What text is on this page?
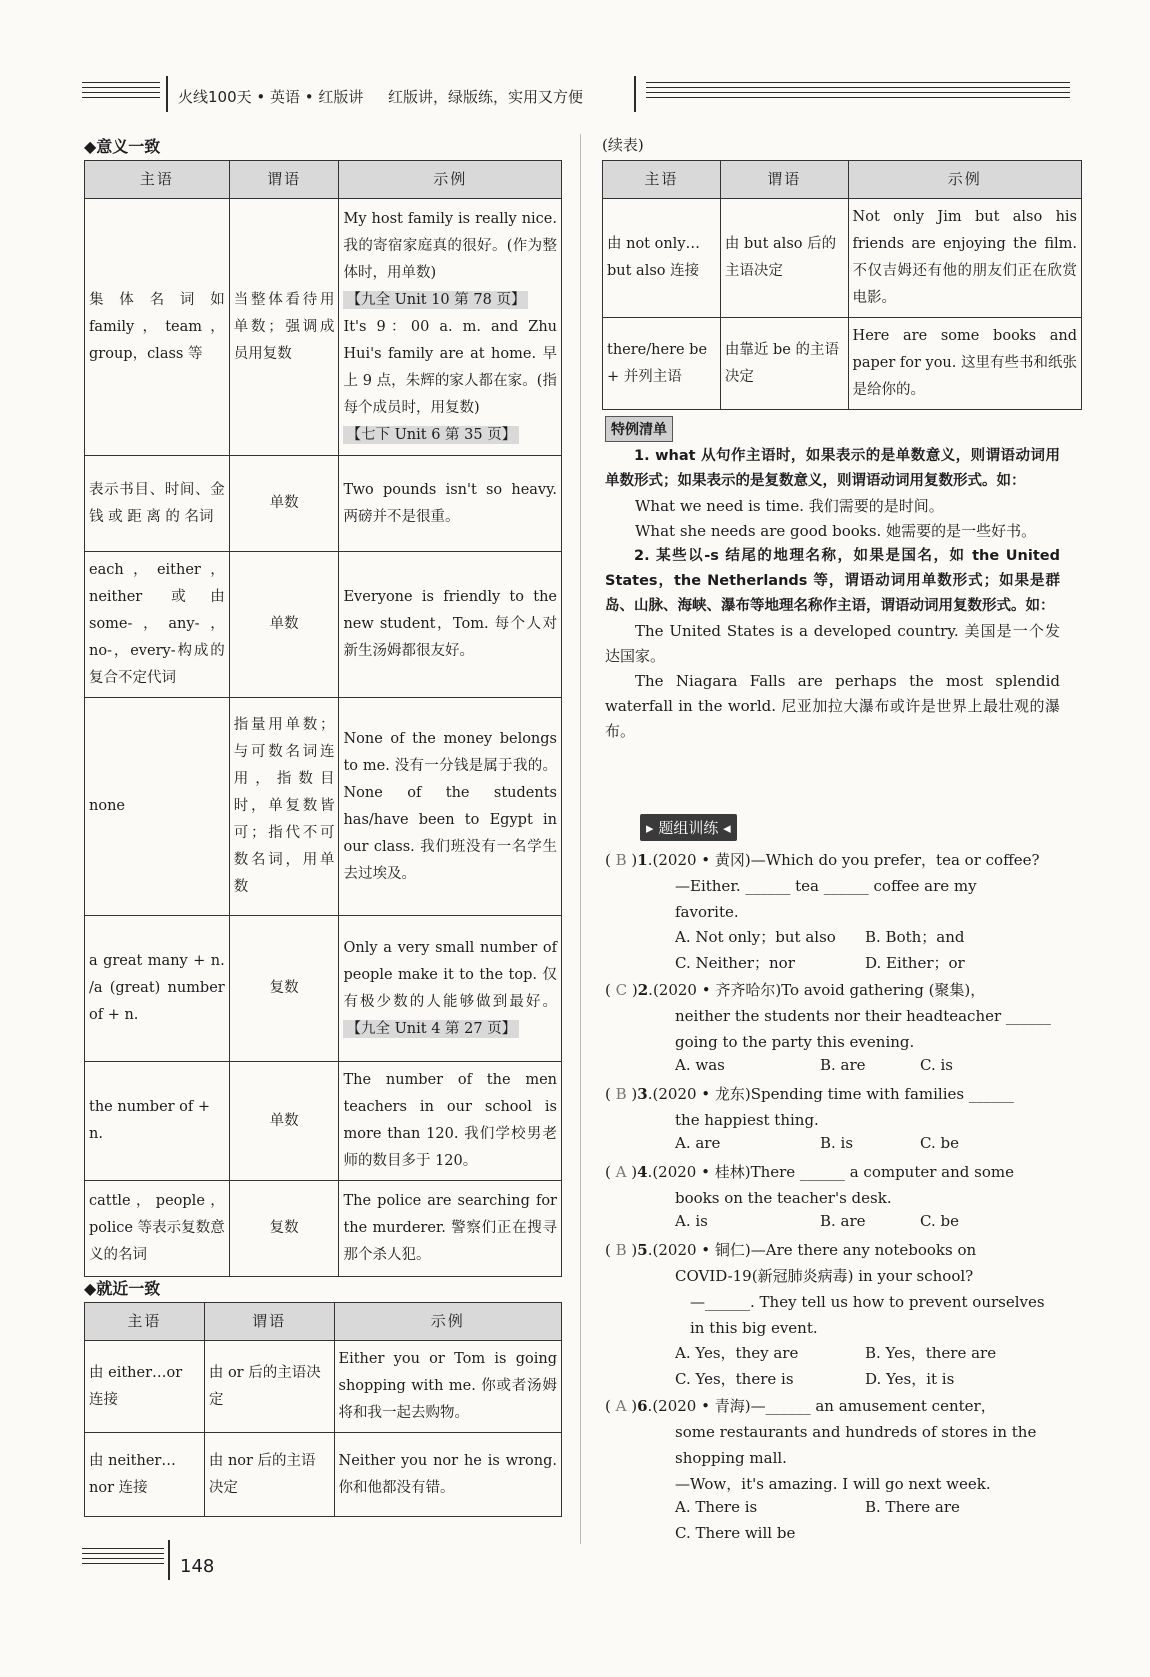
火线100天 • 英语 • 红版讲 红版讲，绿版练，实用又方便
◆意义一致
主语	谓语	示例
集 体 名 词 如 family，team，group，class 等	当整体看待用单数；强调成员用复数	My host family is really nice. 我的寄宿家庭真的很好。(作为整体时，用单数)
【九全 Unit 10 第 78 页】
It's 9：00 a. m. and Zhu Hui's family are at home. 早上 9 点，朱辉的家人都在家。(指每个成员时，用复数)
【七下 Unit 6 第 35 页】
表示书目、时间、金 钱 或 距 离 的 名词	单数	Two pounds isn't so heavy. 两磅并不是很重。
each，either，neither 或由 some-，any-，no-，every-构成的复合不定代词	单数	Everyone is friendly to the new student，Tom. 每个人对新生汤姆都很友好。
none	指量用单数；与可数名词连用，指数目时，单复数皆可；指代不可数名词，用单数	None of the money belongs to me. 没有一分钱是属于我的。None of the students has/have been to Egypt in our class. 我们班没有一名学生去过埃及。
a great many + n. /a (great) number of + n.	复数	Only a very small number of people make it to the top. 仅有极少数的人能够做到最好。 【九全 Unit 4 第 27 页】
the number of + n.	单数	The number of the men teachers in our school is more than 120. 我们学校男老师的数目多于 120。
cattle，people，police 等表示复数意义的名词	复数	The police are searching for the murderer. 警察们正在搜寻那个杀人犯。
◆就近一致
主语	谓语	示例
由 either…or 连接	由 or 后的主语决定	Either you or Tom is going shopping with me. 你或者汤姆将和我一起去购物。
由 neither…nor 连接	由 nor 后的主语决定	Neither you nor he is wrong. 你和他都没有错。
(续表)
主语	谓语	示例
由 not only…but also 连接	由 but also 后的主语决定	Not only Jim but also his friends are enjoying the film. 不仅吉姆还有他的朋友们正在欣赏电影。
there/here be + 并列主语	由靠近 be 的主语决定	Here are some books and paper for you. 这里有些书和纸张是给你的。
特例清单

1. what 从句作主语时，如果表示的是单数意义，则谓语动词用单数形式；如果表示的是复数意义，则谓语动词用复数形式。如：

What we need is time. 我们需要的是时间。

What she needs are good books. 她需要的是一些好书。

2. 某些以-s 结尾的地理名称，如果是国名，如 the United States，the Netherlands 等，谓语动词用单数形式；如果是群岛、山脉、海峡、瀑布等地理名称作主语，谓语动词用复数形式。如：

The United States is a developed country. 美国是一个发达国家。

The Niagara Falls are perhaps the most splendid waterfall in the world. 尼亚加拉大瀑布或许是世界上最壮观的瀑布。

▸ 题组训练 ◂
( B )1.(2020 • 黄冈)—Which do you prefer，tea or coffee?
—Either. ______ tea ______ coffee are my
favorite.
A. Not only；but also B. Both；and
C. Neither；nor	D. Either；or
( C )2.(2020 • 齐齐哈尔)To avoid gathering (聚集)，
neither the students nor their headteacher ______
going to the party this evening.
A. was	B. are	C. is
( B )3.(2020 • 龙东)Spending time with families ______
the happiest thing.
A. are	B. is	C. be
( A )4.(2020 • 桂林)There ______ a computer and some
books on the teacher's desk.
A. is	B. are	C. be
( B )5.(2020 • 铜仁)—Are there any notebooks on
COVID-19(新冠肺炎病毒) in your school?
—______. They tell us how to prevent ourselves
in this big event.
A. Yes，they are	B. Yes，there are
C. Yes，there is	D. Yes，it is
( A )6.(2020 • 青海)—______ an amusement center，
some restaurants and hundreds of stores in the
shopping mall.
—Wow，it's amazing. I will go next week.
A. There is	B. There are
C. There will be
148
